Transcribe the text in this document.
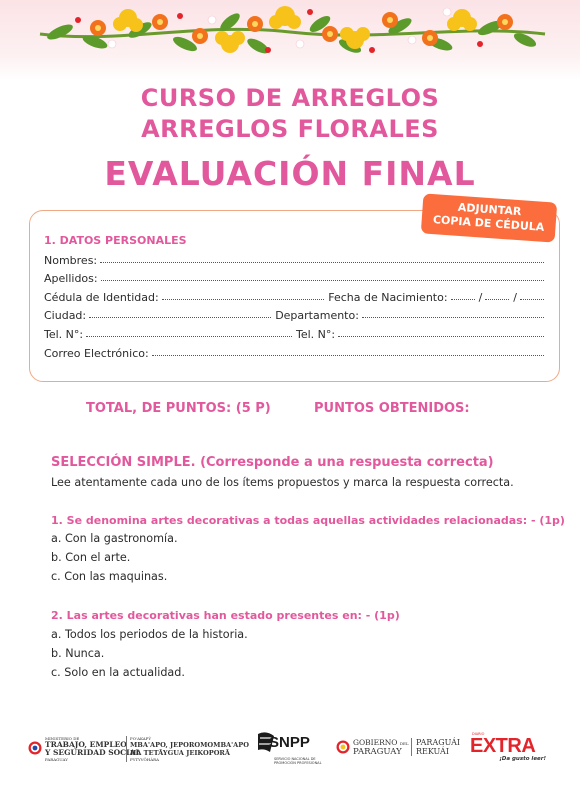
CURSO DE ARREGLOS
ARREGLOS FLORALES
EVALUACIÓN FINAL
ADJUNTAR
COPIA DE CÉDULA
1. DATOS PERSONALES
Nombres:
Apellidos:
Cédula de Identidad:	Fecha de Nacimiento:	/	/
Ciudad:	Departamento:
Tel. N°:	Tel. N°:
Correo Electrónico:
TOTAL, DE PUNTOS: (5 P)	PUNTOS OBTENIDOS:
SELECCIÓN SIMPLE. (Corresponde a una respuesta correcta)
Lee atentamente cada uno de los ítems propuestos y marca la respuesta correcta.
1. Se denomina artes decorativas a todas aquellas actividades relacionadas: - (1p)
a. Con la gastronomía.
b. Con el arte.
c. Con las maquinas.
2. Las artes decorativas han estado presentes en: - (1p)
a. Todos los periodos de la historia.
b. Nunca.
c. Solo en la actualidad.
MINISTERIO DE
TRABAJO, EMPLEO
Y SEGURIDAD SOCIAL
PARAGUAY
PO'AKAPÝ
MBA'APO, JEPOROMOMBA'APO
HA TETÃYGUA JEIKOPORÃ
PYTYVÕHÁRA
SNPP
SERVICIO NACIONAL DE
PROMOCIÓN PROFESIONAL
GOBIERNO DEL
PARAGUAY
PARAGUÁI
REKUÁI
DIARIO
EXTRA
¡Da gusto leer!
